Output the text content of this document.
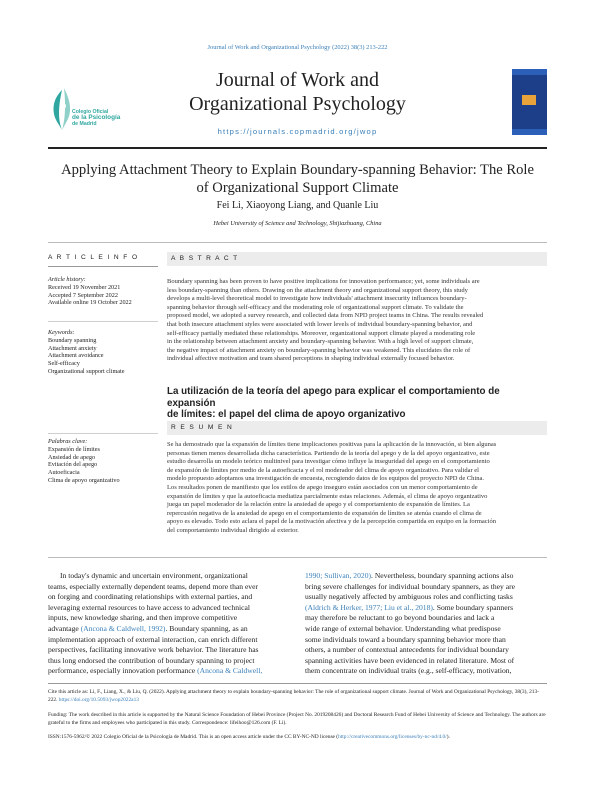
Journal of Work and Organizational Psychology (2022) 38(3) 213-222
Colegio Oficial
de la Psicología
de Madrid
Journal of Work and
Organizational Psychology
https://journals.copmadrid.org/jwop
Applying Attachment Theory to Explain Boundary-spanning Behavior: The Role
of Organizational Support Climate
Fei Li, Xiaoyong Liang, and Quanle Liu
Hebei University of Science and Technology, Shijiazhuang, China
A R T I C L E I N F O	A B S T R A C T
Article history:
Received 19 November 2021
Accepted 7 September 2022
Available online 19 October 2022
Keywords:
Boundary spanning
Attachment anxiety
Attachment avoidance
Self-efficacy
Organizational support climate
Boundary spanning has been proven to have positive implications for innovation performance; yet, some individuals are
less boundary-spanning than others. Drawing on the attachment theory and organizational support theory, this study
develops a multi-level theoretical model to investigate how individuals' attachment insecurity influences boundary-
spanning behavior through self-efficacy and the moderating role of organizational support climate. To validate the
proposed model, we adopted a survey research, and collected data from NPD project teams in China. The results revealed
that both insecure attachment styles were associated with lower levels of individual boundary-spanning behavior, and
self-efficacy partially mediated these relationships. Moreover, organizational support climate played a moderating role
in the relationship between attachment anxiety and boundary-spanning behavior. With a high level of support climate,
the negative impact of attachment anxiety on boundary-spanning behavior was weakened. This elucidates the role of
individual affective motivation and team shared perceptions in shaping individual externally focused behavior.
La utilización de la teoría del apego para explicar el comportamiento de expansión
de límites: el papel del clima de apoyo organizativo
R E S U M E N
Palabras clave:
Expansión de límites
Ansiedad de apego
Evitación del apego
Autoeficacia
Clima de apoyo organizativo
Se ha demostrado que la expansión de límites tiene implicaciones positivas para la aplicación de la innovación, si bien algunas
personas tienen menos desarrollada dicha característica. Partiendo de la teoría del apego y de la del apoyo organizativo, este
estudio desarrolla un modelo teórico multinivel para investigar cómo influye la inseguridad del apego en el comportamiento
de expansión de límites por medio de la autoeficacia y el rol moderador del clima de apoyo organizativo. Para validar el
modelo propuesto adoptamos una investigación de encuesta, recogiendo datos de los equipos del proyecto NPD de China.
Los resultados ponen de manifiesto que los estilos de apego inseguro están asociados con un menor comportamiento de
expansión de límites y que la autoeficacia mediatiza parcialmente estas relaciones. Además, el clima de apoyo organizativo
juega un papel moderador de la relación entre la ansiedad de apego y el comportamiento de expansión de límites. La
repercusión negativa de la ansiedad de apego en el comportamiento de expansión de límites se atenúa cuando el clima de
apoyo es elevado. Todo esto aclara el papel de la motivación afectiva y de la percepción compartida en equipo en la formación
del comportamiento individual dirigido al exterior.
In today's dynamic and uncertain environment, organizational
teams, especially externally dependent teams, depend more than ever
on forging and coordinating relationships with external parties, and
leveraging external resources to have access to advanced technical
inputs, new knowledge sharing, and then improve competitive
advantage (Ancona & Caldwell, 1992). Boundary spanning, as an
implementation approach of external interaction, can enrich different
perspectives, facilitating innovative work behavior. The literature has
thus long endorsed the contribution of boundary spanning to project
performance, especially innovation performance (Ancona & Caldwell,
1990; Sullivan, 2020). Nevertheless, boundary spanning actions also
bring severe challenges for individual boundary spanners, as they are
usually negatively affected by ambiguous roles and conflicting tasks
(Aldrich & Herker, 1977; Liu et al., 2018). Some boundary spanners
may therefore be reluctant to go beyond boundaries and lack a
wide range of external behavior. Understanding what predispose
some individuals toward a boundary spanning behavior more than
others, a number of contextual antecedents for individual boundary
spanning activities have been evidenced in related literature. Most of
them concentrate on individual traits (e.g., self-efficacy, motivation,
Cite this article as: Li, F., Liang, X., & Liu, Q. (2022). Applying attachment theory to explain boundary-spanning behavior: The role of organizational support climate. Journal of Work and Organizational Psychology, 38(3), 213-222. https://doi.org/10.5093/jwop2022a13
Funding: The work described in this article is supported by the Natural Science Foundation of Hebei Province (Project No. 2019208426) and Doctoral Research Fund of Hebei University of Science and Technology. The authors are grateful to the firms and employees who participated in this study. Correspondence: lifeihoo@126.com (F. Li).
ISSN:1576-5962/© 2022 Colegio Oficial de la Psicología de Madrid. This is an open access article under the CC BY-NC-ND license (http://creativecommons.org/licenses/by-nc-nd/4.0/).
